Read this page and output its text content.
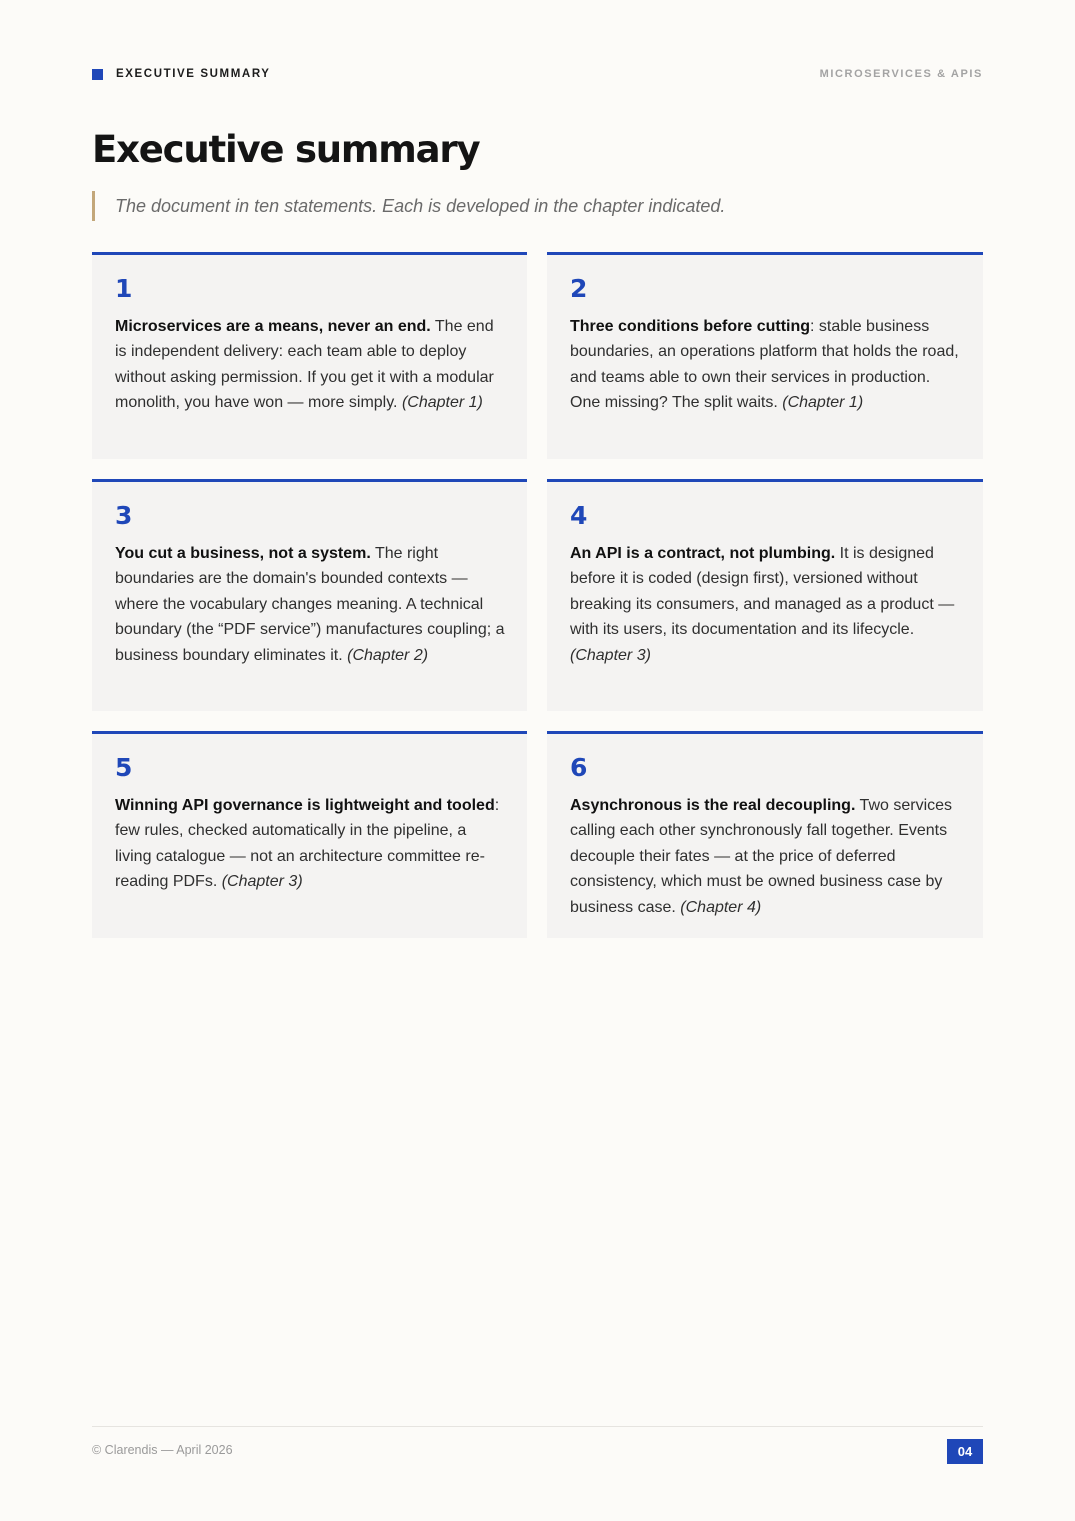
EXECUTIVE SUMMARY	MICROSERVICES & APIS
Executive summary
The document in ten statements. Each is developed in the chapter indicated.
1
Microservices are a means, never an end. The end is independent delivery: each team able to deploy without asking permission. If you get it with a modular monolith, you have won — more simply. (Chapter 1)
2
Three conditions before cutting: stable business boundaries, an operations platform that holds the road, and teams able to own their services in production. One missing? The split waits. (Chapter 1)
3
You cut a business, not a system. The right boundaries are the domain's bounded contexts — where the vocabulary changes meaning. A technical boundary (the “PDF service”) manufactures coupling; a business boundary eliminates it. (Chapter 2)
4
An API is a contract, not plumbing. It is designed before it is coded (design first), versioned without breaking its consumers, and managed as a product — with its users, its documentation and its lifecycle. (Chapter 3)
5
Winning API governance is lightweight and tooled: few rules, checked automatically in the pipeline, a living catalogue — not an architecture committee re-reading PDFs. (Chapter 3)
6
Asynchronous is the real decoupling. Two services calling each other synchronously fall together. Events decouple their fates — at the price of deferred consistency, which must be owned business case by business case. (Chapter 4)
© Clarendis — April 2026	04
